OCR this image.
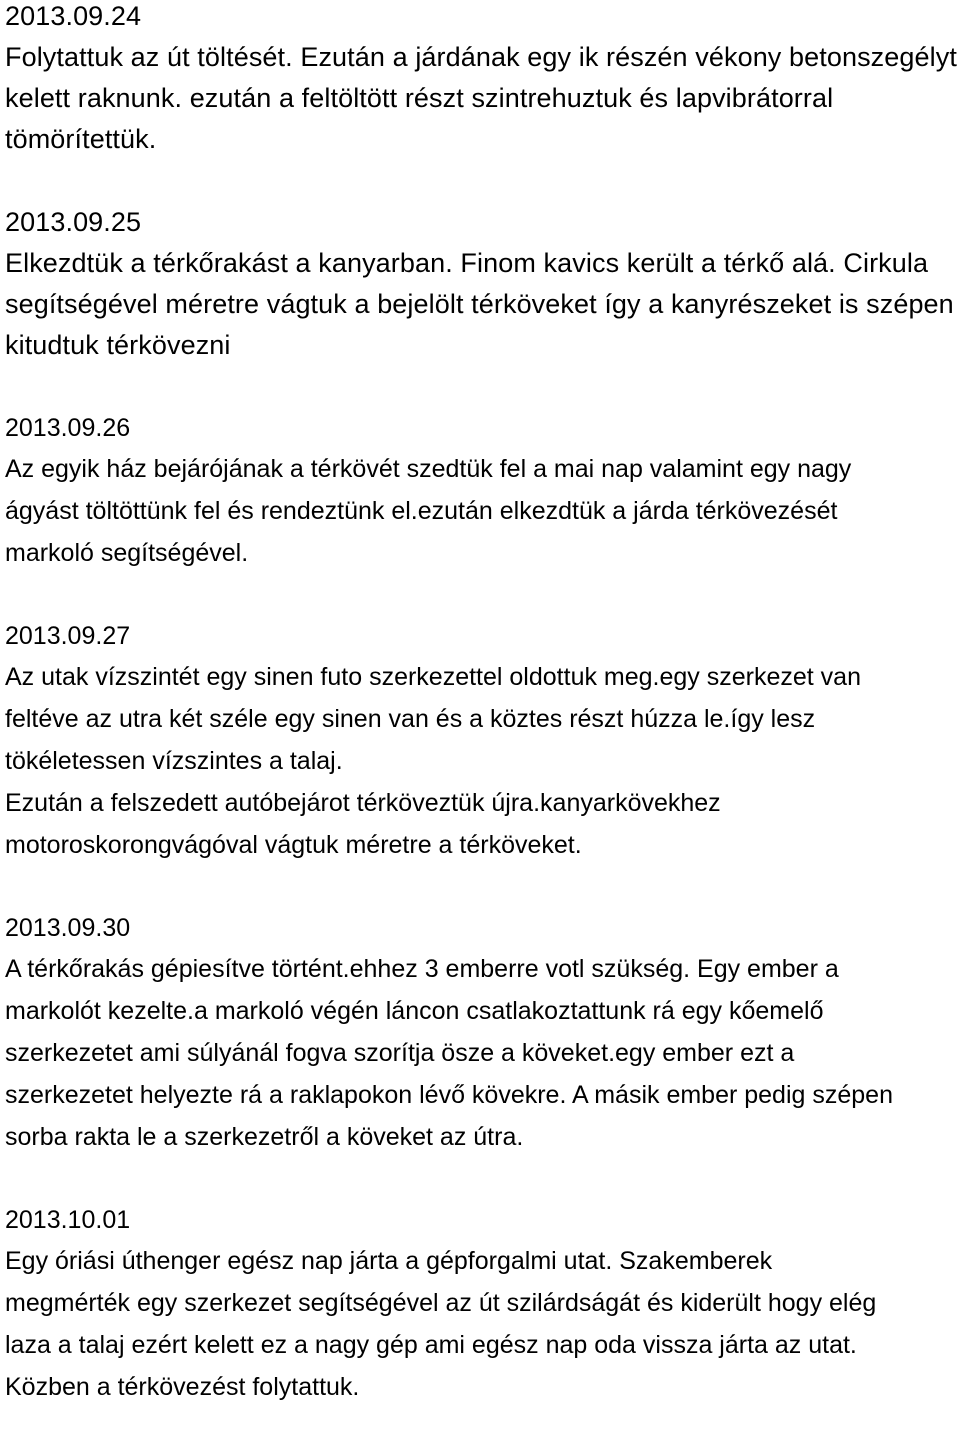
2013.09.24

Folytattuk az út töltését. Ezután a járdának egy ik részén vékony betonszegélyt

kelett raknunk. ezután a feltöltött részt szintrehuztuk és lapvibrátorral

tömörítettük.

2013.09.25

Elkezdtük a térkőrakást a kanyarban. Finom kavics került a térkő alá. Cirkula

segítségével méretre vágtuk a bejelölt térköveket így a kanyrészeket is szépen

kitudtuk térkövezni

2013.09.26

Az egyik ház bejárójának a térkövét szedtük fel a mai nap valamint egy nagy

ágyást töltöttünk fel és rendeztünk el.ezután elkezdtük a járda térkövezését

markoló segítségével.

2013.09.27

Az utak vízszintét egy sinen futo szerkezettel oldottuk meg.egy szerkezet van

feltéve az utra két széle egy sinen van és a köztes részt húzza le.így lesz

tökéletessen vízszintes a talaj.

Ezután a felszedett autóbejárot térköveztük újra.kanyarkövekhez

motoroskorongvágóval vágtuk méretre a térköveket.

2013.09.30

A térkőrakás gépiesítve történt.ehhez 3 emberre votl szükség. Egy ember a

markolót kezelte.a markoló végén láncon csatlakoztattunk rá egy kőemelő

szerkezetet ami súlyánál fogva szorítja ösze a köveket.egy ember ezt a

szerkezetet helyezte rá a raklapokon lévő kövekre. A másik ember pedig szépen

sorba rakta le a szerkezetről a köveket az útra.

2013.10.01

Egy óriási úthenger egész nap járta a gépforgalmi utat. Szakemberek

megmérték egy szerkezet segítségével az út szilárdságát és kiderült hogy elég

laza a talaj ezért kelett ez a nagy gép ami egész nap oda vissza járta az utat.

Közben a térkövezést folytattuk.
